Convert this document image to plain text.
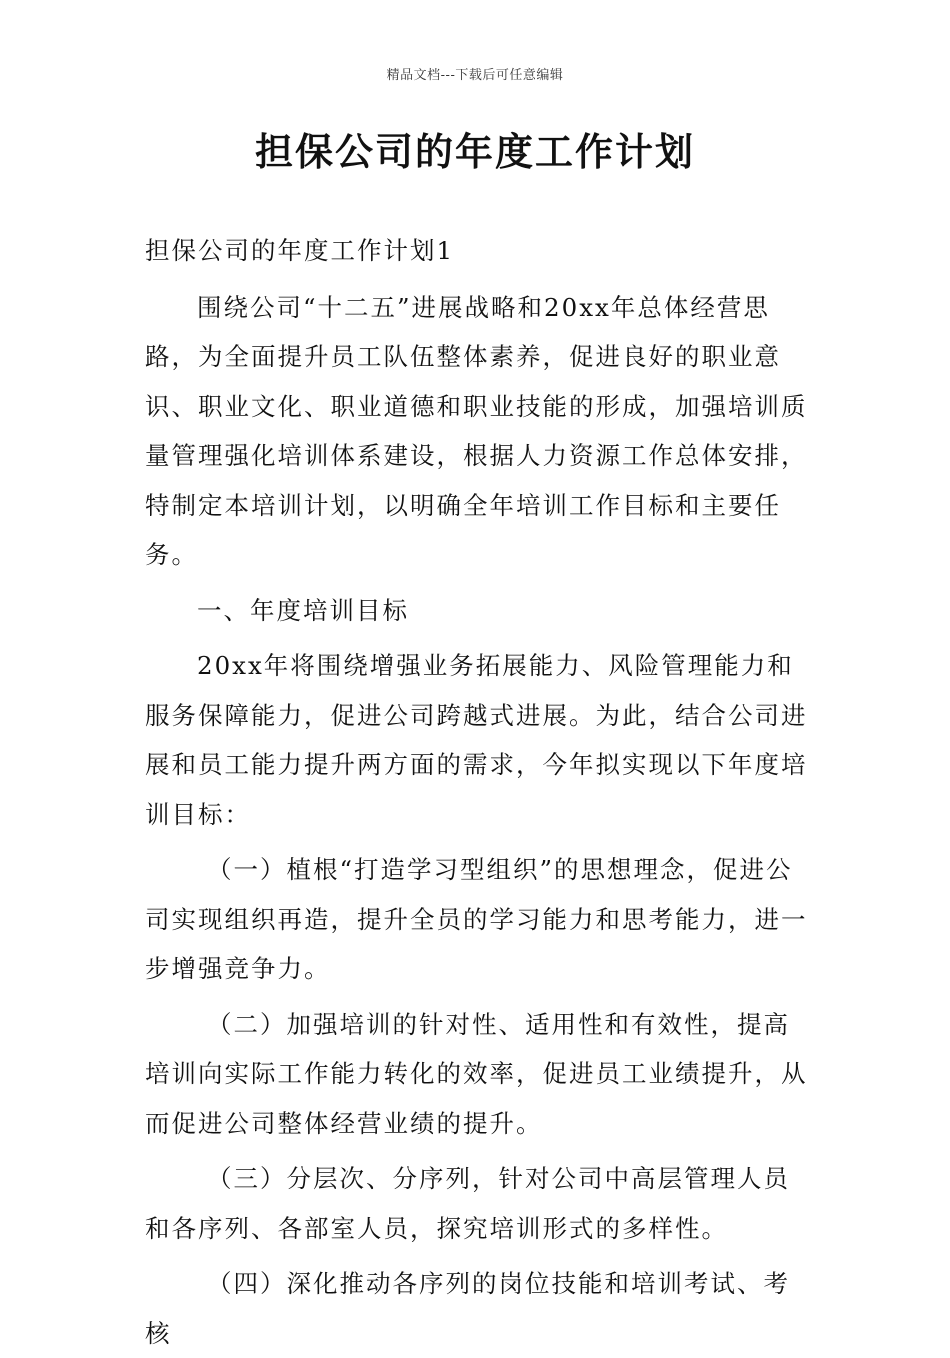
精品文档---下载后可任意编辑
担保公司的年度工作计划

担保公司的年度工作计划1

围绕公司“十二五”进展战略和20xx年总体经营思路，为全面提升员工队伍整体素养，促进良好的职业意识、职业文化、职业道德和职业技能的形成，加强培训质量管理强化培训体系建设，根据人力资源工作总体安排，特制定本培训计划，以明确全年培训工作目标和主要任务。

一、年度培训目标

20xx年将围绕增强业务拓展能力、风险管理能力和服务保障能力，促进公司跨越式进展。为此，结合公司进展和员工能力提升两方面的需求，今年拟实现以下年度培训目标：

（一）植根“打造学习型组织”的思想理念，促进公司实现组织再造，提升全员的学习能力和思考能力，进一步增强竞争力。

（二）加强培训的针对性、适用性和有效性，提高培训向实际工作能力转化的效率，促进员工业绩提升，从而促进公司整体经营业绩的提升。

（三）分层次、分序列，针对公司中高层管理人员和各序列、各部室人员，探究培训形式的多样性。

（四）深化推动各序列的岗位技能和培训考试、考核
